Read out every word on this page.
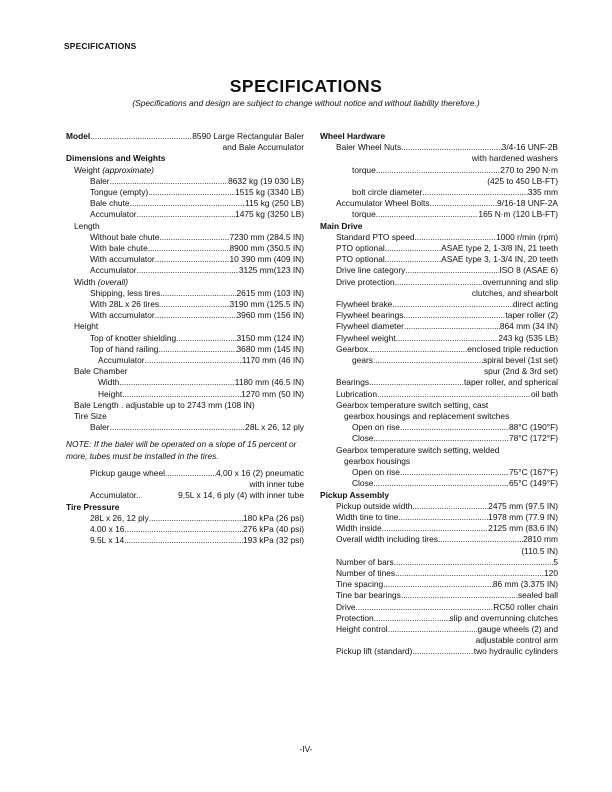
SPECIFICATIONS
SPECIFICATIONS
(Specifications and design are subject to change without notice and without liability therefore.)
Model . . .	8590 Large Rectangular Baler
and Bale Accumulator
Dimensions and Weights
Weight (approximate)
Baler . . .	8632 kg (19 030 LB)
Tongue (empty) . . .	1515 kg (3340 LB)
Bale chute . . .	115 kg (250 LB)
Accumulator . . .	1475 kg (3250 LB)
Length
Without bale chute . . .	7230 mm (284.5 IN)
With bale chute . . .	8900 mm (350.5 IN)
With accumulator . . .	10 390 mm (409 IN)
Accumulator . . .	3125 mm(123 IN)
Width (overall)
Shipping, less tires . . .	2615 mm (103 IN)
With 28L x 26 tires . . .	3190 mm (125.5 IN)
With accumulator . . .	3960 mm (156 IN)
Height
Top of knotter shielding . . .	3150 mm (124 IN)
Top of hand railing . . .	3680 mm (145 IN)
Accumulator . . .	1170 mm (46 IN)
Bale Chamber
Width . . .	1180 mm (46.5 IN)
Height . . .	1270 mm (50 IN)
Bale Length . adjustable up to 2743 mm (108 IN)
Tire Size
Baler . . .	28L x 26, 12 ply
NOTE: If the baler will be operated on a slope of 15 percent or more, tubes must be installed in the tires.
Pickup gauge wheel . . .	4,00 x 16 (2) pneumatic
with inner tube
Accumulator..	9,5L x 14, 6 ply (4) with inner tube
Tire Pressure
28L x 26, 12 ply . . .	180 kPa (26 psi)
4.00 x 16 . . .	276 kPa (40 psi)
9.5L x 14 . . .	193 kPa (32 psi)
Wheel Hardware
Baler Wheel Nuts . . .	3/4-16 UNF-2B
with hardened washers
torque . . .	270 to 290 N·m
(425 to 450 LB-FT)
bolt circle diameter . . .	335 mm
Accumulator Wheel Bolts . . .	9/16-18 UNF-2A
torque . . .	165 N·m (120 LB-FT)
Main Drive
Standard PTO speed . . .	1000 r/min (rpm)
PTO optional . . .	ASAE type 2, 1-3/8 IN, 21 teeth
PTO optional . . .	ASAE type 3, 1-3/4 IN, 20 teeth
Drive line category . . .	ISO 8 (ASAE 6)
Drive protection . . .	overrunning and slip
clutches, and shearbolt
Flywheel brake . . .	direct acting
Flywheel bearings . . .	taper roller (2)
Flywheel diameter . . .	864 mm (34 IN)
Flywheel weight . . .	243 kg (535 LB)
Gearbox . . .	enclosed triple reduction
gears . . .	spiral bevel (1st set)
spur (2nd & 3rd set)
Bearings . . .	taper roller, and spherical
Lubrication . . .	oil bath
Gearbox temperature switch setting, cast
gearbox housings and replacement switches
Open on rise . . .	88°C (190°F)
Close . . .	78°C (172°F)
Gearbox temperature switch setting, welded
gearbox housings
Open on rise . . .	75°C (167°F)
Close . . .	65°C (149°F)
Pickup Assembly
Pickup outside width . . .	2475 mm (97.5 IN)
Width tine to tine . . .	1978 mm (77.9 IN)
Width inside . . .	2125 mm (83.6 IN)
Overall width including tires . . .	2810 mm
(110.5 IN)
Number of bars . . .	5
Number of tines . . .	120
Tine spacing . . .	86 mm (3.375 IN)
Tine bar bearings . . .	sealed ball
Drive . . .	RC50 roller chain
Protection . . .	slip and overrunning clutches
Height control . . .	gauge wheels (2) and
adjustable control arm
Pickup lift (standard) . . .	two hydraulic cylinders
-IV-
